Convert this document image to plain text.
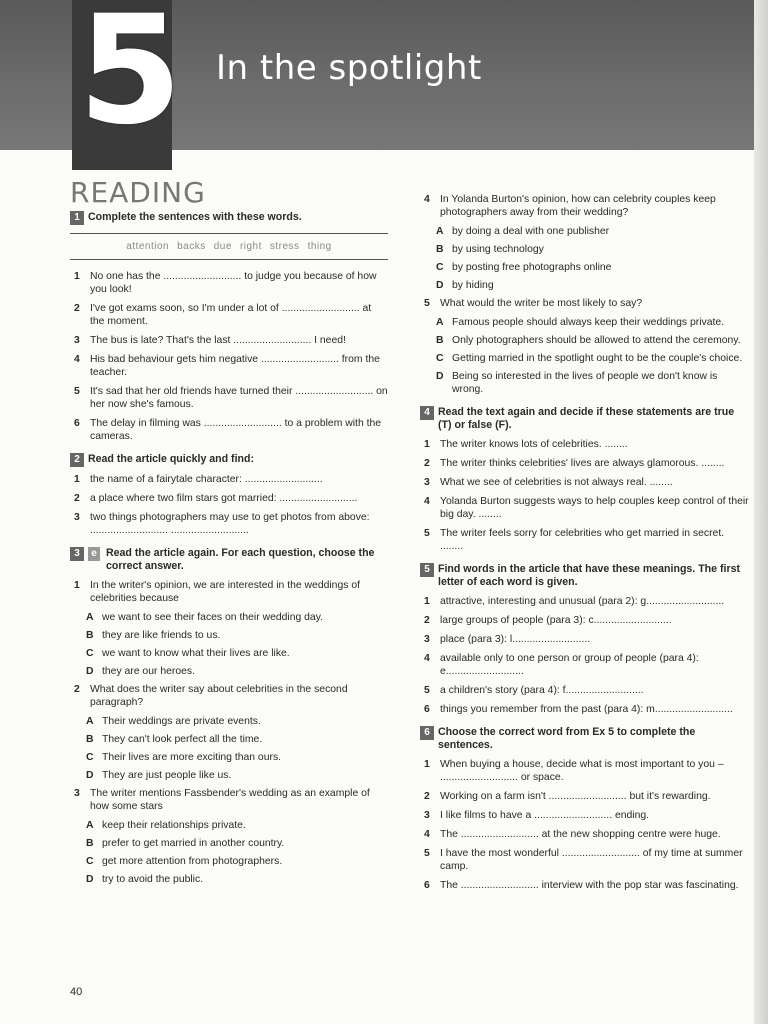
5 In the spotlight
READING
1 Complete the sentences with these words.
attention backs due right stress thing
1 No one has the ........................... to judge you because of how you look!
2 I've got exams soon, so I'm under a lot of ........................... at the moment.
3 The bus is late? That's the last ........................... I need!
4 His bad behaviour gets him negative ........................... from the teacher.
5 It's sad that her old friends have turned their ........................... on her now she's famous.
6 The delay in filming was ........................... to a problem with the cameras.
2 Read the article quickly and find:
1 the name of a fairytale character: ...........................
2 a place where two film stars got married: ...........................
3 two things photographers may use to get photos from above: ........................... ...........................
3	e Read the article again. For each question, choose the correct answer.
1 In the writer's opinion, we are interested in the weddings of celebrities because
A we want to see their faces on their wedding day.
B they are like friends to us.
C we want to know what their lives are like.
D they are our heroes.
2 What does the writer say about celebrities in the second paragraph?
A Their weddings are private events.
B They can't look perfect all the time.
C Their lives are more exciting than ours.
D They are just people like us.
3 The writer mentions Fassbender's wedding as an example of how some stars
A keep their relationships private.
B prefer to get married in another country.
C get more attention from photographers.
D try to avoid the public.
4 In Yolanda Burton's opinion, how can celebrity couples keep photographers away from their wedding?
A by doing a deal with one publisher
B by using technology
C by posting free photographs online
D by hiding
5 What would the writer be most likely to say?
A Famous people should always keep their weddings private.
B Only photographers should be allowed to attend the ceremony.
C Getting married in the spotlight ought to be the couple's choice.
D Being so interested in the lives of people we don't know is wrong.
4 Read the text again and decide if these statements are true (T) or false (F).
1 The writer knows lots of celebrities. ........
2 The writer thinks celebrities' lives are always glamorous. ........
3 What we see of celebrities is not always real. ........
4 Yolanda Burton suggests ways to help couples keep control of their big day. ........
5 The writer feels sorry for celebrities who get married in secret. ........
5 Find words in the article that have these meanings. The first letter of each word is given.
1 attractive, interesting and unusual (para 2): g...........................
2 large groups of people (para 3): c...........................
3 place (para 3): l...........................
4 available only to one person or group of people (para 4): e...........................
5 a children's story (para 4): f...........................
6 things you remember from the past (para 4): m...........................
6 Choose the correct word from Ex 5 to complete the sentences.
1 When buying a house, decide what is most important to you – ........................... or space.
2 Working on a farm isn't ........................... but it's rewarding.
3 I like films to have a ........................... ending.
4 The ........................... at the new shopping centre were huge.
5 I have the most wonderful ........................... of my time at summer camp.
6 The ........................... interview with the pop star was fascinating.
40
